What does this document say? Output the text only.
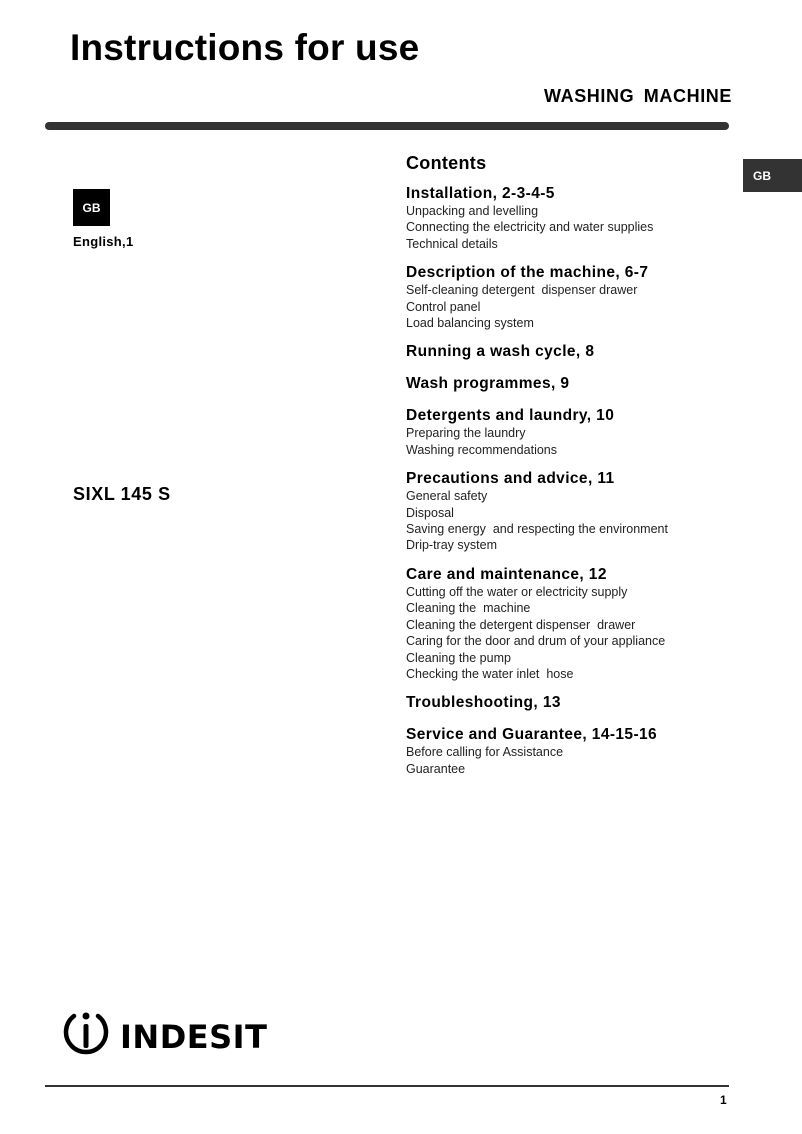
Instructions for use
WASHING MACHINE
GB
GB
English,1
SIXL 145 S
Contents
Installation, 2-3-4-5
Unpacking and levelling
Connecting the electricity and water supplies
Technical details
Description of the machine, 6-7
Self-cleaning detergent  dispenser drawer
Control panel
Load balancing system
Running a wash cycle, 8
Wash programmes, 9
Detergents and laundry, 10
Preparing the laundry
Washing recommendations
Precautions and advice, 11
General safety
Disposal
Saving energy  and respecting the environment
Drip-tray system
Care and maintenance, 12
Cutting off the water or electricity supply
Cleaning the  machine
Cleaning the detergent dispenser  drawer
Caring for the door and drum of your appliance
Cleaning the pump
Checking the water inlet  hose
Troubleshooting, 13
Service and Guarantee, 14-15-16
Before calling for Assistance
Guarantee
INDESIT
1
